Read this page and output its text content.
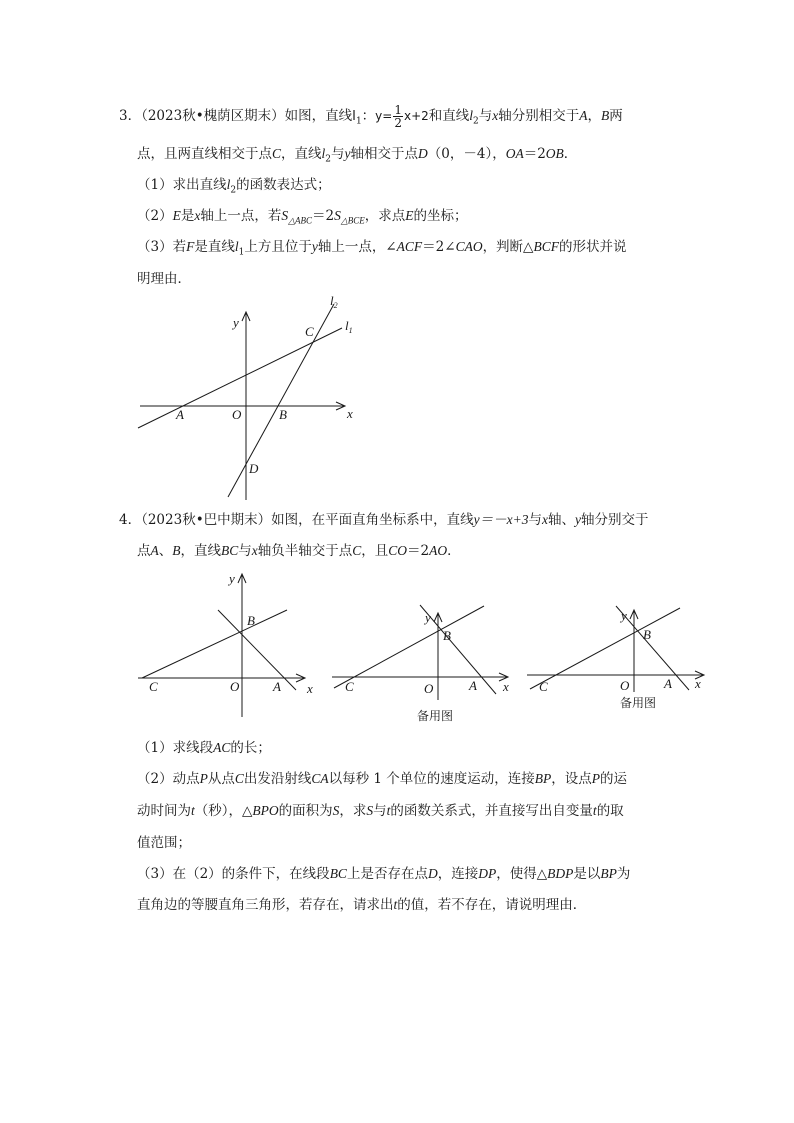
3．（2023秋•槐荫区期末）如图，直线$l_1$：$y= \frac{1}{2} x+2$和直线$l_2$与x轴分别相交于A，B两
点，且两直线相交于点C，直线$l_2$与y轴相交于点D（0，－4），OA＝2OB．
（1）求出直线$l_2$的函数表达式；
（2）E是x轴上一点，若$S_{\triangle ABC}=2S_{\triangle BCE}$，求点E的坐标；
（3）若F是直线$l_1$上方且位于y轴上一点，∠ACF＝2∠CAO，判断△BCF的形状并说
明理由．
$l_2$
$l_1$
y
x
C
A	O	B
D
y
B
C	O	A x
y
B
C	O	A x
备用图
y
B
C	O	A x
备用图
4．（2023秋•巴中期末）如图，在平面直角坐标系中，直线y＝－x+3与x轴、y轴分别交于
点A、B，直线BC与x轴负半轴交于点C，且CO＝2AO．
（1）求线段AC的长；
（2）动点P从点C出发沿射线CA以每秒 1 个单位的速度运动，连接BP，设点P的运
动时间为t（秒），△BPO的面积为S，求S与t的函数关系式，并直接写出自变量t的取
值范围；
（3）在（2）的条件下，在线段BC上是否存在点D，连接DP，使得△BDP是以BP为
直角边的等腰直角三角形，若存在，请求出t的值，若不存在，请说明理由．
